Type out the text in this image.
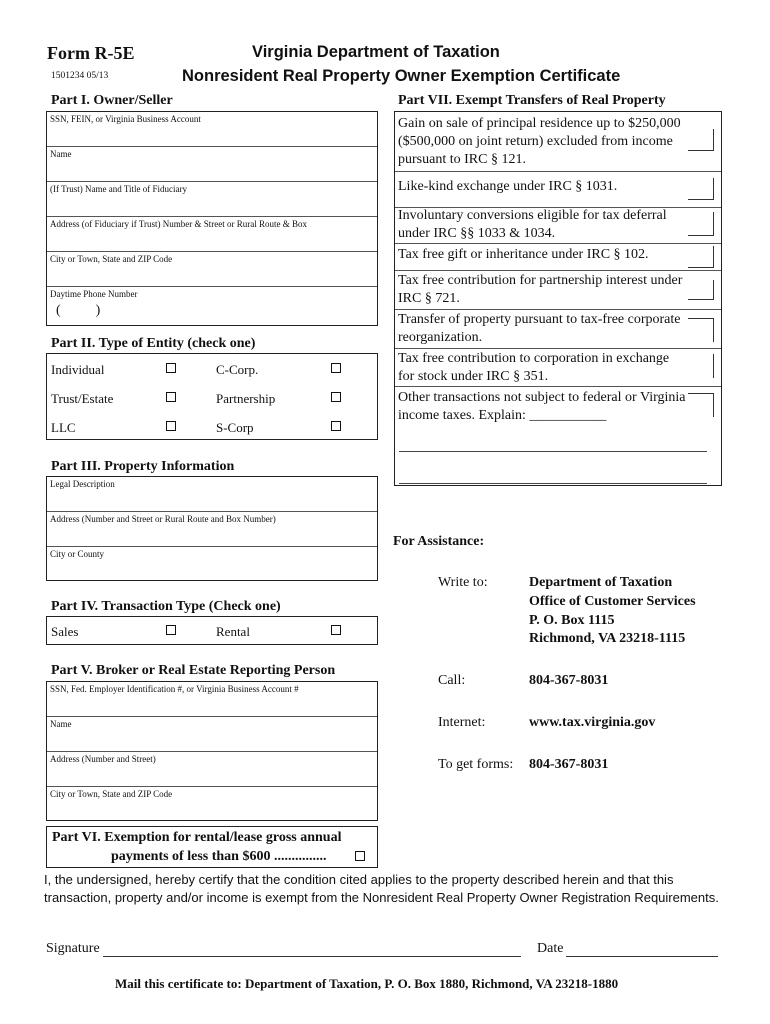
Form R-5E
1501234 05/13
Virginia Department of Taxation
Nonresident Real Property Owner Exemption Certificate
Part I. Owner/Seller
SSN, FEIN, or Virginia Business Account
Name
(If Trust) Name and Title of Fiduciary
Address (of Fiduciary if Trust) Number & Street or Rural Route & Box
City or Town, State and ZIP Code
Daytime Phone Number
(          )
Part II. Type of Entity (check one)
Individual	C-Corp.
Trust/Estate	Partnership
LLC	S-Corp
Part III. Property Information
Legal Description
Address (Number and Street or Rural Route and Box Number)
City or County
Part IV. Transaction Type (Check one)
Sales	Rental
Part V. Broker or Real Estate Reporting Person
SSN, Fed. Employer Identification #, or Virginia Business Account #
Name
Address (Number and Street)
City or Town, State and ZIP Code
Part VI. Exemption for rental/lease gross annual
payments of less than $600 ...............
Part VII. Exempt Transfers of Real Property
Gain on sale of principal residence up to $250,000 ($500,000 on joint return) excluded from income pursuant to IRC § 121.
Like-kind exchange under IRC § 1031.
Involuntary conversions eligible for tax deferral under IRC §§ 1033 & 1034.
Tax free gift or inheritance under IRC § 102.
Tax free contribution for partnership interest under IRC § 721.
Transfer of property pursuant to tax-free corporate reorganization.
Tax free contribution to corporation in exchange for stock under IRC § 351.
Other transactions not subject to federal or Virginia income taxes. Explain: ___________
For Assistance:
Write to:	Department of Taxation
Office of Customer Services
P. O. Box 1115
Richmond, VA 23218-1115
Call:	804-367-8031
Internet:	www.tax.virginia.gov
To get forms: 804-367-8031
I, the undersigned, hereby certify that the condition cited applies to the property described herein and that this transaction, property and/or income is exempt from the Nonresident Real Property Owner Registration Requirements.
Signature	Date
Mail this certificate to: Department of Taxation, P. O. Box 1880, Richmond, VA 23218-1880
